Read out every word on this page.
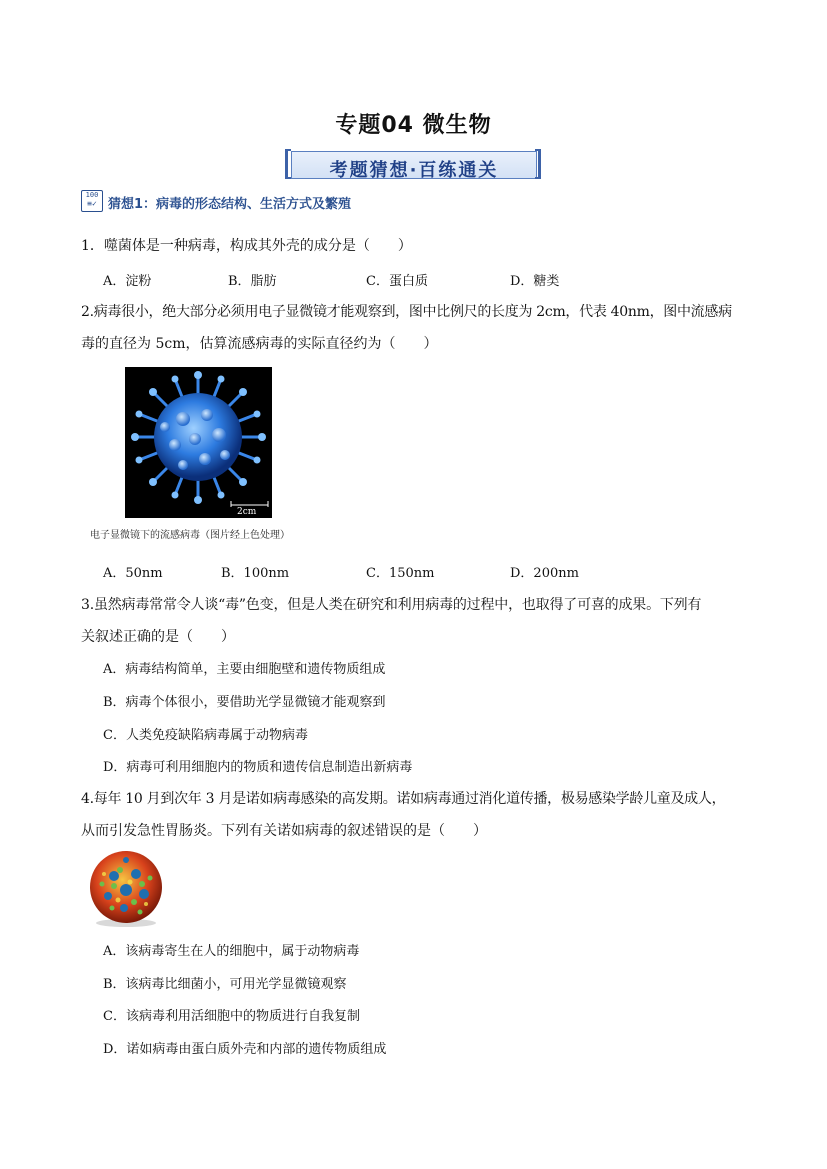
专题04 微生物
考题猜想·百练通关
100
≡✓ 猜想1：病毒的形态结构、生活方式及繁殖
1．噬菌体是一种病毒，构成其外壳的成分是（　　）
A．淀粉	B．脂肪	C．蛋白质	D．糖类
2.病毒很小，绝大部分必须用电子显微镜才能观察到，图中比例尺的长度为 2cm，代表 40nm，图中流感病
毒的直径为 5cm，估算流感病毒的实际直径约为（　　）
2cm
电子显微镜下的流感病毒（图片经上色处理）
A．50nm	B．100nm	C．150nm	D．200nm
3.虽然病毒常常令人谈“毒”色变，但是人类在研究和利用病毒的过程中，也取得了可喜的成果。下列有
关叙述正确的是（　　）
A．病毒结构简单，主要由细胞壁和遗传物质组成
B．病毒个体很小，要借助光学显微镜才能观察到
C．人类免疫缺陷病毒属于动物病毒
D．病毒可利用细胞内的物质和遗传信息制造出新病毒
4.每年 10 月到次年 3 月是诺如病毒感染的高发期。诺如病毒通过消化道传播，极易感染学龄儿童及成人，
从而引发急性胃肠炎。下列有关诺如病毒的叙述错误的是（　　）
A．该病毒寄生在人的细胞中，属于动物病毒
B．该病毒比细菌小，可用光学显微镜观察
C．该病毒利用活细胞中的物质进行自我复制
D．诺如病毒由蛋白质外壳和内部的遗传物质组成
